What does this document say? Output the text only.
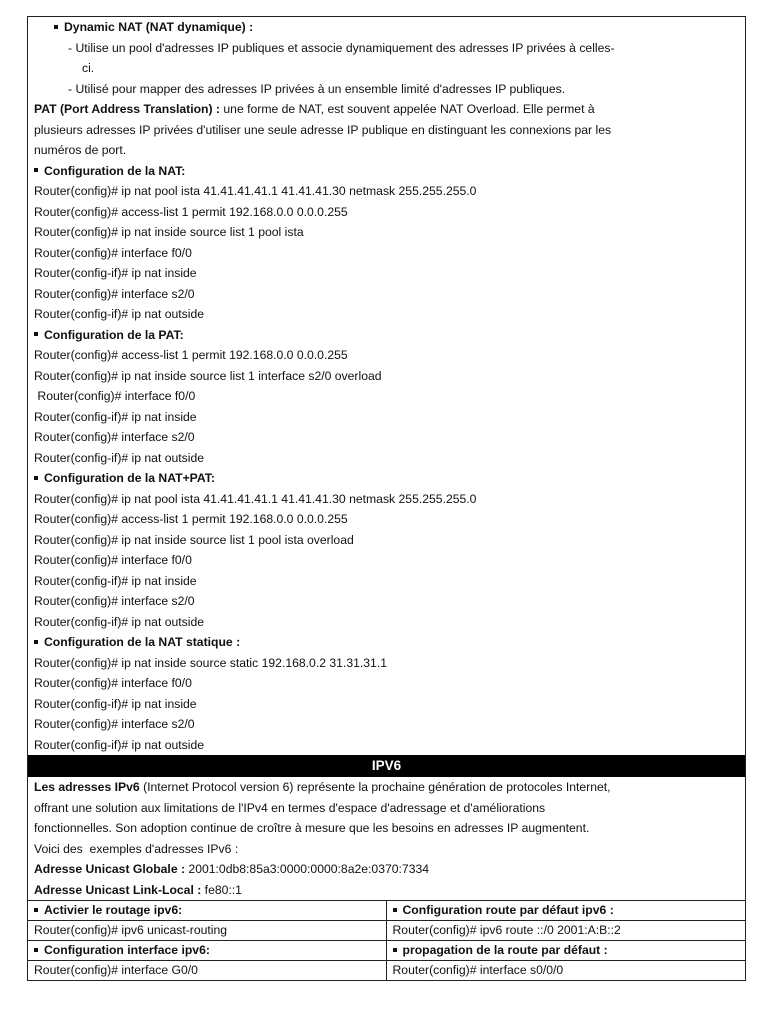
Dynamic NAT (NAT dynamique) :
- Utilise un pool d'adresses IP publiques et associe dynamiquement des adresses IP privées à celles-
ci.
- Utilisé pour mapper des adresses IP privées à un ensemble limité d'adresses IP publiques.
PAT (Port Address Translation) : une forme de NAT, est souvent appelée NAT Overload. Elle permet à
plusieurs adresses IP privées d'utiliser une seule adresse IP publique en distinguant les connexions par les
numéros de port.
Configuration de la NAT:
Router(config)# ip nat pool ista 41.41.41.41.1 41.41.41.30 netmask 255.255.255.0
Router(config)# access-list 1 permit 192.168.0.0 0.0.0.255
Router(config)# ip nat inside source list 1 pool ista
Router(config)# interface f0/0
Router(config-if)# ip nat inside
Router(config)# interface s2/0
Router(config-if)# ip nat outside
Configuration de la PAT:
Router(config)# access-list 1 permit 192.168.0.0 0.0.0.255
Router(config)# ip nat inside source list 1 interface s2/0 overload
Router(config)# interface f0/0
Router(config-if)# ip nat inside
Router(config)# interface s2/0
Router(config-if)# ip nat outside
Configuration de la NAT+PAT:
Router(config)# ip nat pool ista 41.41.41.41.1 41.41.41.30 netmask 255.255.255.0
Router(config)# access-list 1 permit 192.168.0.0 0.0.0.255
Router(config)# ip nat inside source list 1 pool ista overload
Router(config)# interface f0/0
Router(config-if)# ip nat inside
Router(config)# interface s2/0
Router(config-if)# ip nat outside
Configuration de la NAT statique :
Router(config)# ip nat inside source static 192.168.0.2 31.31.31.1
Router(config)# interface f0/0
Router(config-if)# ip nat inside
Router(config)# interface s2/0
Router(config-if)# ip nat outside
IPV6
Les adresses IPv6 (Internet Protocol version 6) représente la prochaine génération de protocoles Internet,
offrant une solution aux limitations de l'IPv4 en termes d'espace d'adressage et d'améliorations
fonctionnelles. Son adoption continue de croître à mesure que les besoins en adresses IP augmentent.
Voici des  exemples d'adresses IPv6 :
Adresse Unicast Globale : 2001:0db8:85a3:0000:0000:8a2e:0370:7334
Adresse Unicast Link-Local : fe80::1
Activier le routage ipv6:
Router(config)# ipv6 unicast-routing
Configuration interface ipv6:
Router(config)# interface G0/0
Configuration route par défaut ipv6 :
Router(config)# ipv6 route ::/0 2001:A:B::2
propagation de la route par défaut :
Router(config)# interface s0/0/0
